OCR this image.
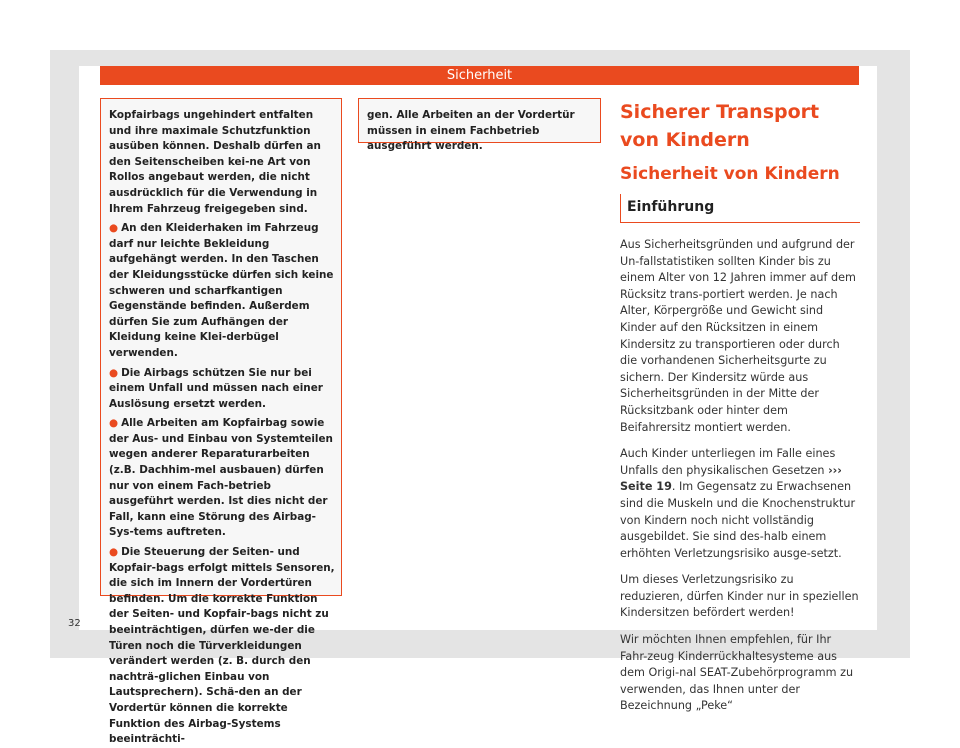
Sicherheit

Kopfairbags ungehindert entfalten und ihre maximale Schutzfunktion ausüben können. Deshalb dürfen an den Seitenscheiben kei-ne Art von Rollos angebaut werden, die nicht ausdrücklich für die Verwendung in Ihrem Fahrzeug freigegeben sind.

● An den Kleiderhaken im Fahrzeug darf nur leichte Bekleidung aufgehängt werden. In den Taschen der Kleidungsstücke dürfen sich keine schweren und scharfkantigen Gegenstände befinden. Außerdem dürfen Sie zum Aufhängen der Kleidung keine Klei-derbügel verwenden.

● Die Airbags schützen Sie nur bei einem Unfall und müssen nach einer Auslösung ersetzt werden.

● Alle Arbeiten am Kopfairbag sowie der Aus- und Einbau von Systemteilen wegen anderer Reparaturarbeiten (z.B. Dachhim-mel ausbauen) dürfen nur von einem Fach-betrieb ausgeführt werden. Ist dies nicht der Fall, kann eine Störung des Airbag-Sys-tems auftreten.

● Die Steuerung der Seiten- und Kopfair-bags erfolgt mittels Sensoren, die sich im Innern der Vordertüren befinden. Um die korrekte Funktion der Seiten- und Kopfair-bags nicht zu beeinträchtigen, dürfen we-der die Türen noch die Türverkleidungen verändert werden (z. B. durch den nachträ-glichen Einbau von Lautsprechern). Schä-den an der Vordertür können die korrekte Funktion des Airbag-Systems beeinträchti-

gen. Alle Arbeiten an der Vordertür müssen in einem Fachbetrieb ausgeführt werden.

Sicherer Transport von Kindern
Sicherheit von Kindern
Einführung

Aus Sicherheitsgründen und aufgrund der Un-fallstatistiken sollten Kinder bis zu einem Alter von 12 Jahren immer auf dem Rücksitz trans-portiert werden. Je nach Alter, Körpergröße und Gewicht sind Kinder auf den Rücksitzen in einem Kindersitz zu transportieren oder durch die vorhandenen Sicherheitsgurte zu sichern. Der Kindersitz würde aus Sicherheitsgründen in der Mitte der Rücksitzbank oder hinter dem Beifahrersitz montiert werden.

Auch Kinder unterliegen im Falle eines Unfalls den physikalischen Gesetzen ››› Seite 19. Im Gegensatz zu Erwachsenen sind die Muskeln und die Knochenstruktur von Kindern noch nicht vollständig ausgebildet. Sie sind des-halb einem erhöhten Verletzungsrisiko ausge-setzt.

Um dieses Verletzungsrisiko zu reduzieren, dürfen Kinder nur in speziellen Kindersitzen befördert werden!

Wir möchten Ihnen empfehlen, für Ihr Fahr-zeug Kinderrückhaltesysteme aus dem Origi-nal SEAT-Zubehörprogramm zu verwenden, das Ihnen unter der Bezeichnung „Peke“

32
